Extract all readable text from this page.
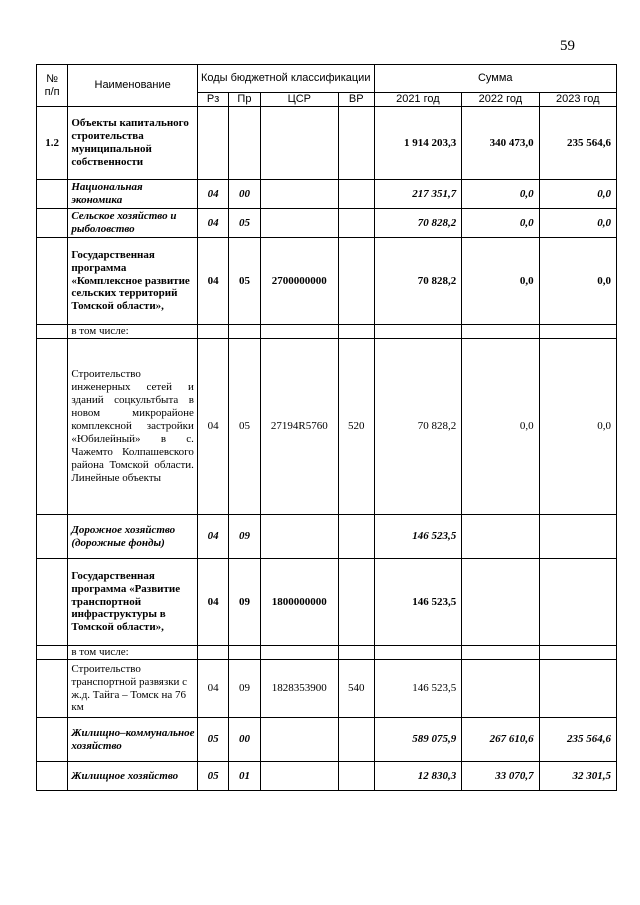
59
№
п/п	Наименование	Коды бюджетной классификации				Сумма		
		Рз	Пр	ЦСР	ВР	2021 год	2022 год	2023 год
1.2	Объекты капитального строительства муниципальной собственности					1 914 203,3	340 473,0	235 564,6
	Национальная экономика	04	00			217 351,7	0,0	0,0
	Сельское хозяйство и рыболовство	04	05			70 828,2	0,0	0,0
	Государственная программа «Комплексное развитие сельских территорий Томской области»,	04	05	2700000000		70 828,2	0,0	0,0
	в том числе:							
	Строительство инженерных сетей и зданий соцкультбыта в новом микрорайоне комплексной застройки «Юбилейный» в с. Чажемто Колпашевского района Томской области. Линейные объекты	04	05	27194R5760	520	70 828,2	0,0	0,0
	Дорожное хозяйство (дорожные фонды)	04	09			146 523,5		
	Государственная программа «Развитие транспортной инфраструктуры в Томской области»,	04	09	1800000000		146 523,5		
	в том числе:							
	Строительство транспортной развязки с ж.д. Тайга – Томск на 76 км	04	09	1828353900	540	146 523,5		
	Жилищно–коммунальное хозяйство	05	00			589 075,9	267 610,6	235 564,6
	Жилищное хозяйство	05	01			12 830,3	33 070,7	32 301,5
